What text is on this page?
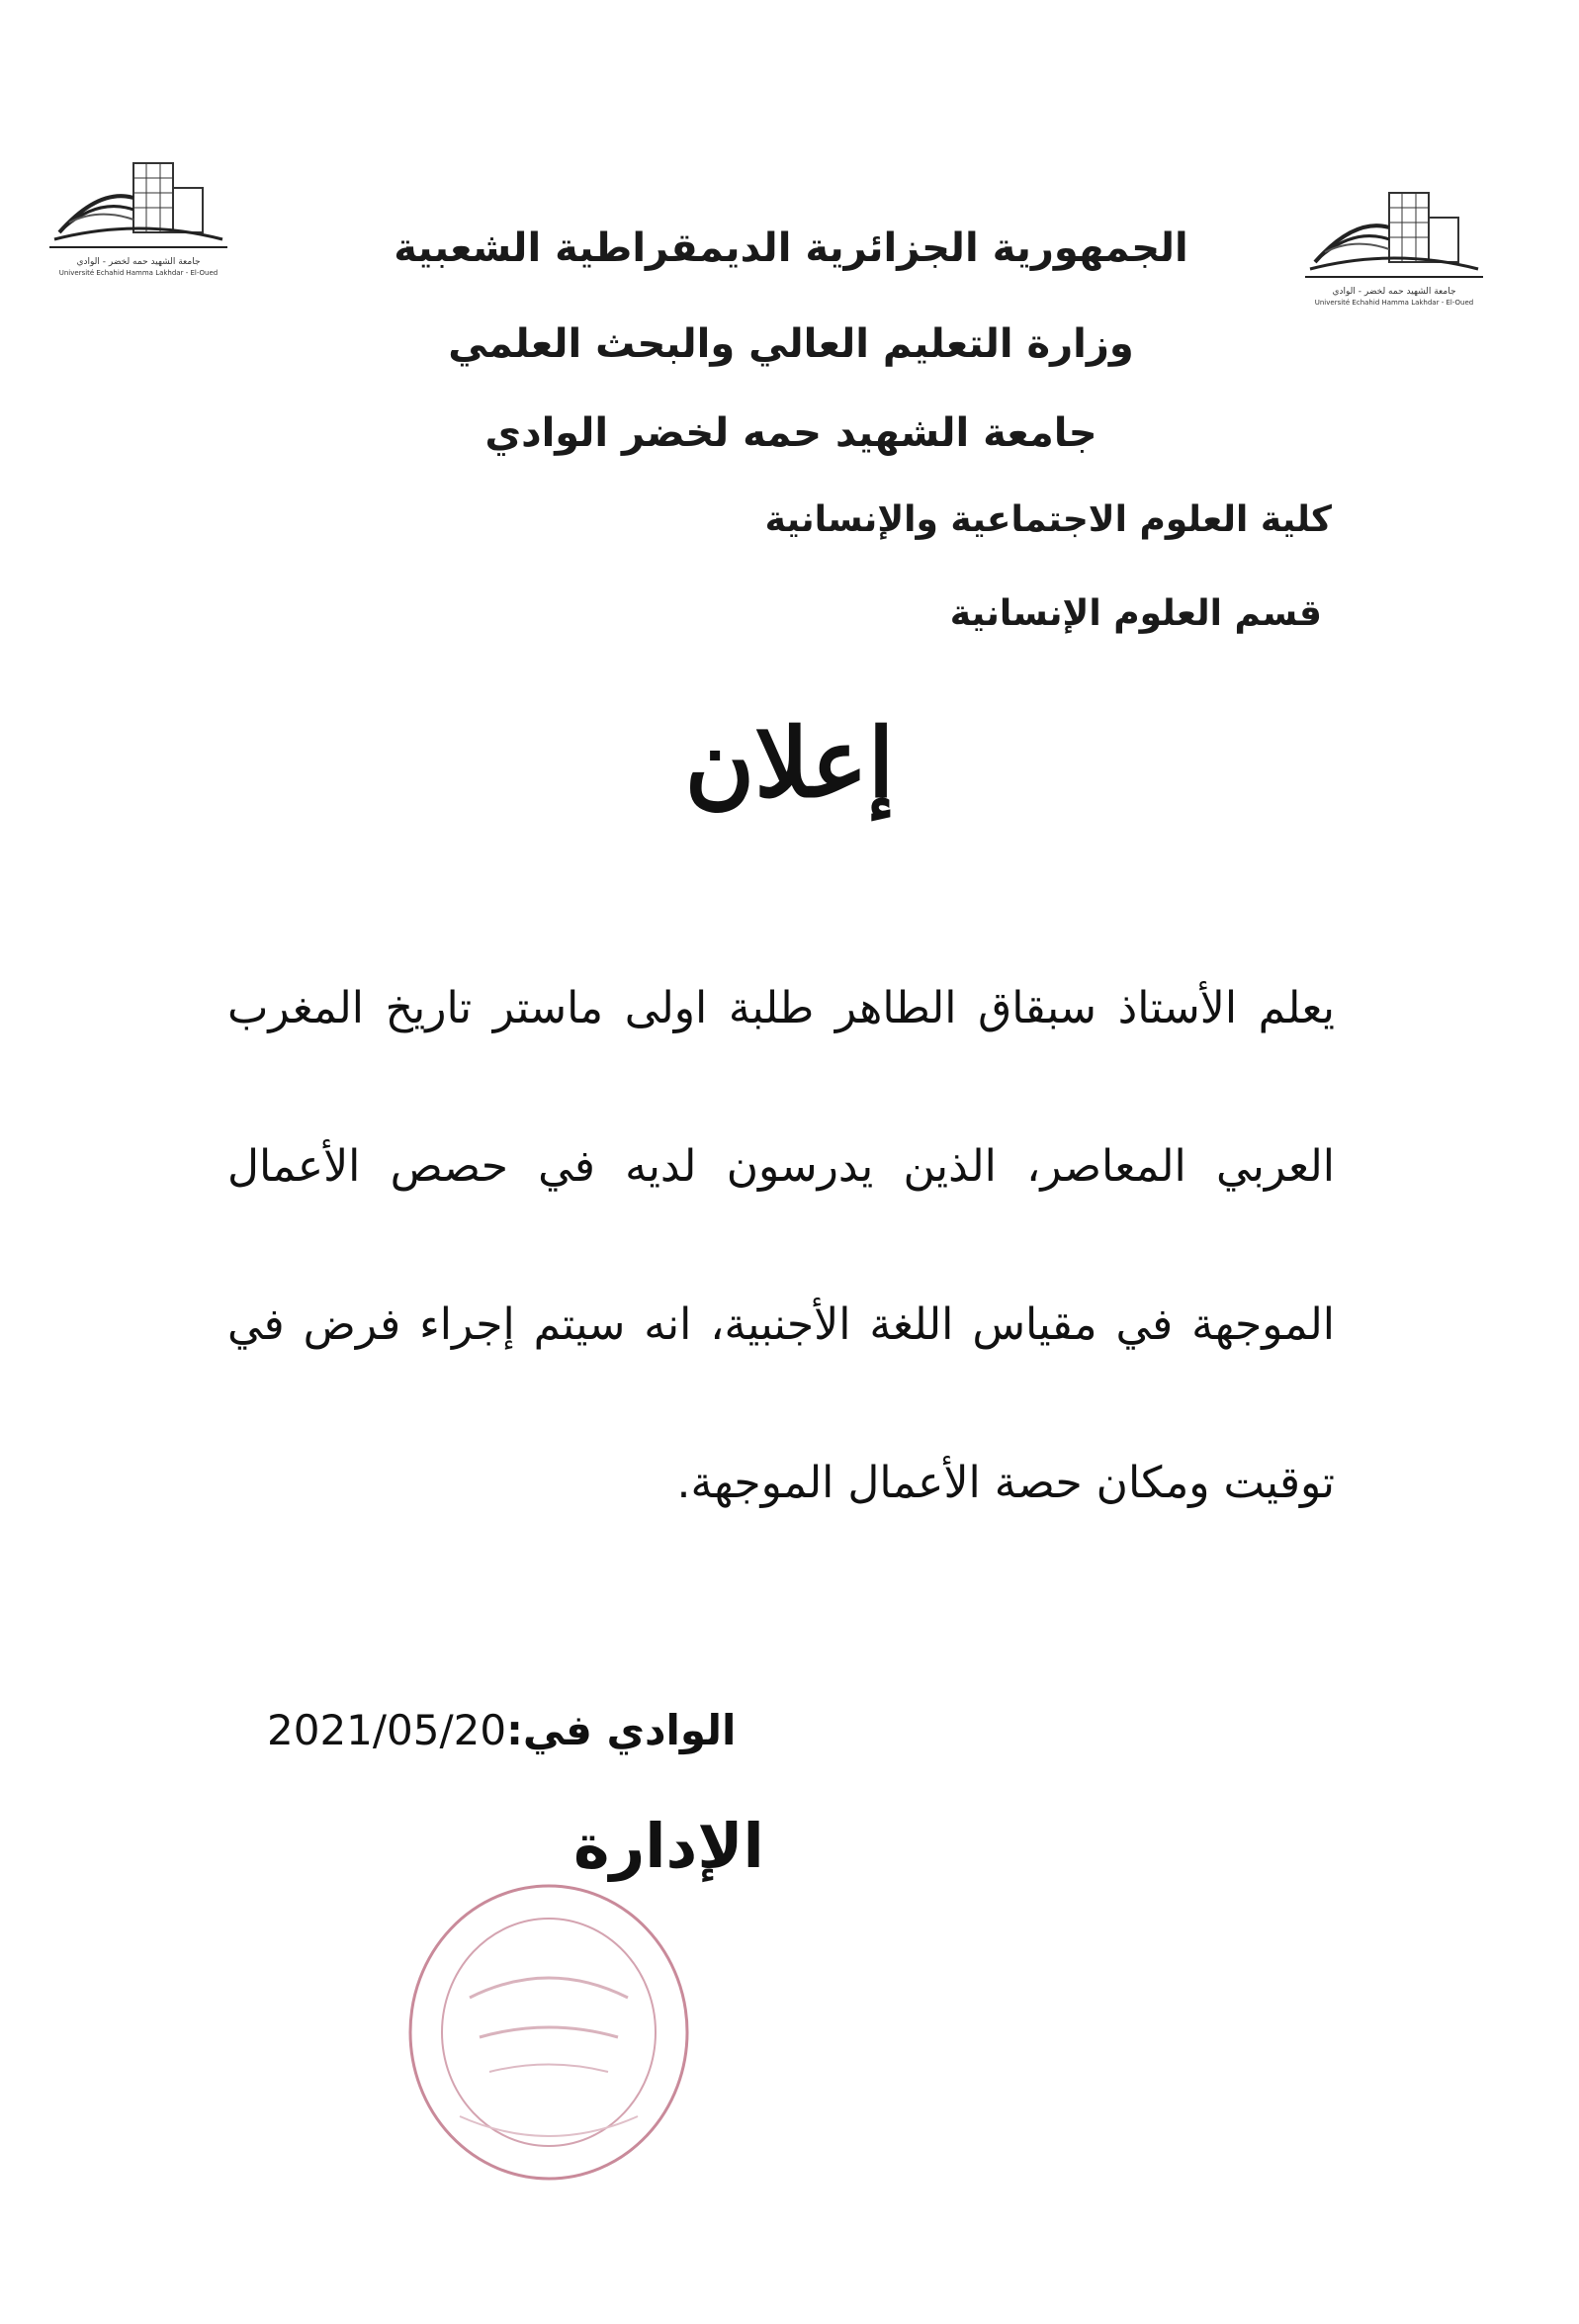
جامعة الشهيد حمه لخضر - الوادي
Université Echahid Hamma Lakhdar - El-Oued
جامعة الشهيد حمه لخضر - الوادي
Université Echahid Hamma Lakhdar - El-Oued
الجمهورية الجزائرية الديمقراطية الشعبية
وزارة التعليم العالي والبحث العلمي
جامعة الشهيد حمه لخضر الوادي
كلية العلوم الاجتماعية والإنسانية
قسم العلوم الإنسانية
إعلان
يعلم الأستاذ سبقاق الطاهر طلبة اولى ماستر تاريخ المغرب العربي المعاصر، الذين يدرسون لديه في حصص الأعمال الموجهة في مقياس اللغة الأجنبية، انه سيتم إجراء فرض في توقيت ومكان حصة الأعمال الموجهة.
2021/05/20الوادي في:
الإدارة
